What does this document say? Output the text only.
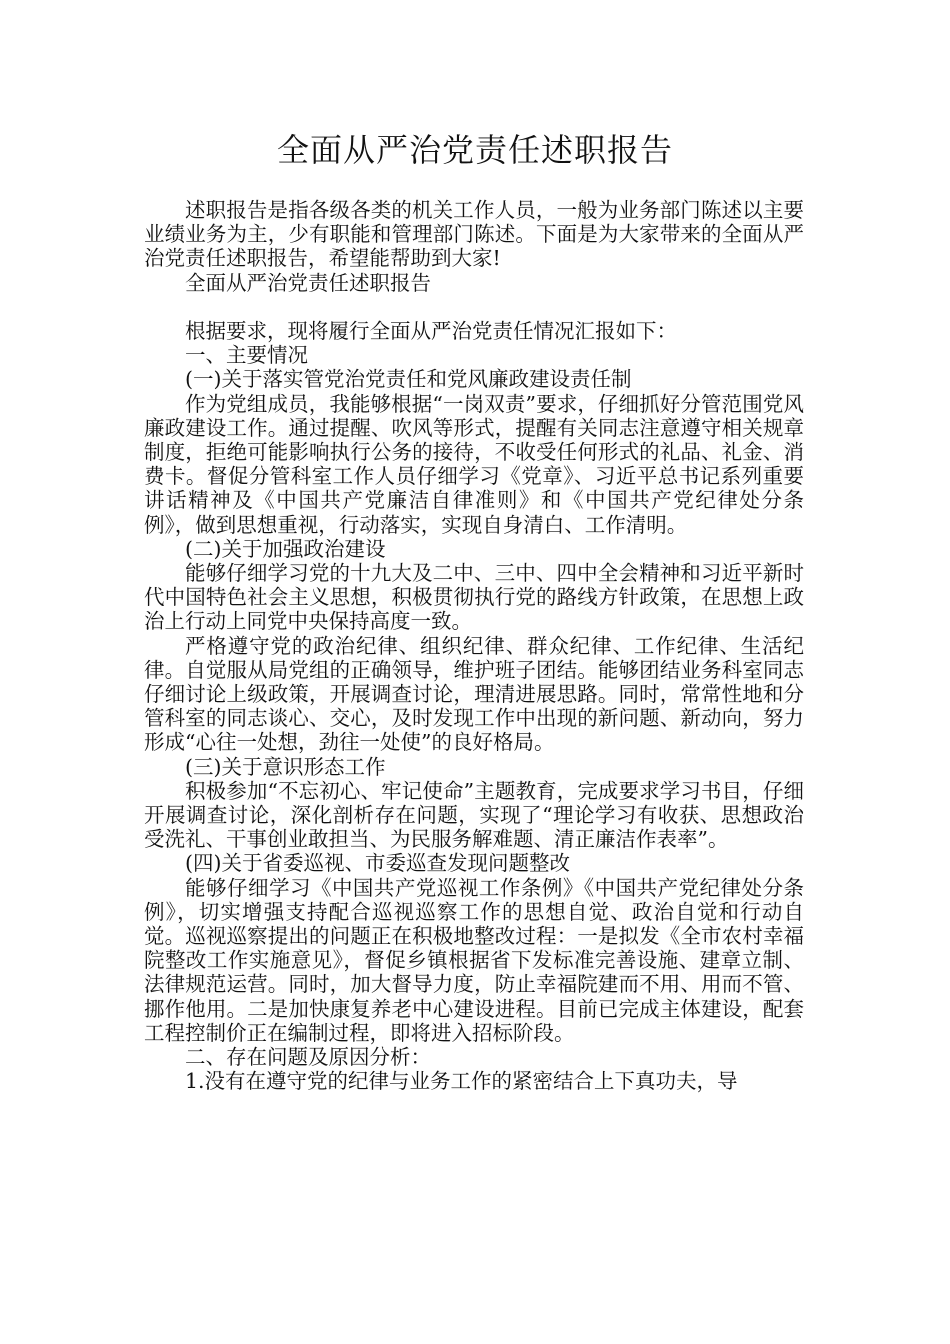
全面从严治党责任述职报告

述职报告是指各级各类的机关工作人员，一般为业务部门陈述以主要业绩业务为主，少有职能和管理部门陈述。下面是为大家带来的全面从严治党责任述职报告，希望能帮助到大家!

全面从严治党责任述职报告

根据要求，现将履行全面从严治党责任情况汇报如下：

一、主要情况

(一)关于落实管党治党责任和党风廉政建设责任制

作为党组成员，我能够根据“一岗双责”要求，仔细抓好分管范围党风廉政建设工作。通过提醒、吹风等形式，提醒有关同志注意遵守相关规章制度，拒绝可能影响执行公务的接待，不收受任何形式的礼品、礼金、消费卡。督促分管科室工作人员仔细学习《党章》、习近平总书记系列重要讲话精神及《中国共产党廉洁自律准则》和《中国共产党纪律处分条例》，做到思想重视，行动落实，实现自身清白、工作清明。

(二)关于加强政治建设

能够仔细学习党的十九大及二中、三中、四中全会精神和习近平新时代中国特色社会主义思想，积极贯彻执行党的路线方针政策，在思想上政治上行动上同党中央保持高度一致。

严格遵守党的政治纪律、组织纪律、群众纪律、工作纪律、生活纪律。自觉服从局党组的正确领导，维护班子团结。能够团结业务科室同志仔细讨论上级政策，开展调查讨论，理清进展思路。同时，常常性地和分管科室的同志谈心、交心，及时发现工作中出现的新问题、新动向，努力形成“心往一处想，劲往一处使”的良好格局。

(三)关于意识形态工作

积极参加“不忘初心、牢记使命”主题教育，完成要求学习书目，仔细开展调查讨论，深化剖析存在问题，实现了“理论学习有收获、思想政治受洗礼、干事创业敢担当、为民服务解难题、清正廉洁作表率”。

(四)关于省委巡视、市委巡查发现问题整改

能够仔细学习《中国共产党巡视工作条例》《中国共产党纪律处分条例》，切实增强支持配合巡视巡察工作的思想自觉、政治自觉和行动自觉。巡视巡察提出的问题正在积极地整改过程：一是拟发《全市农村幸福院整改工作实施意见》，督促乡镇根据省下发标准完善设施、建章立制、法律规范运营。同时，加大督导力度，防止幸福院建而不用、用而不管、挪作他用。二是加快康复养老中心建设进程。目前已完成主体建设，配套工程控制价正在编制过程，即将进入招标阶段。

二、存在问题及原因分析：

1.没有在遵守党的纪律与业务工作的紧密结合上下真功夫，导
